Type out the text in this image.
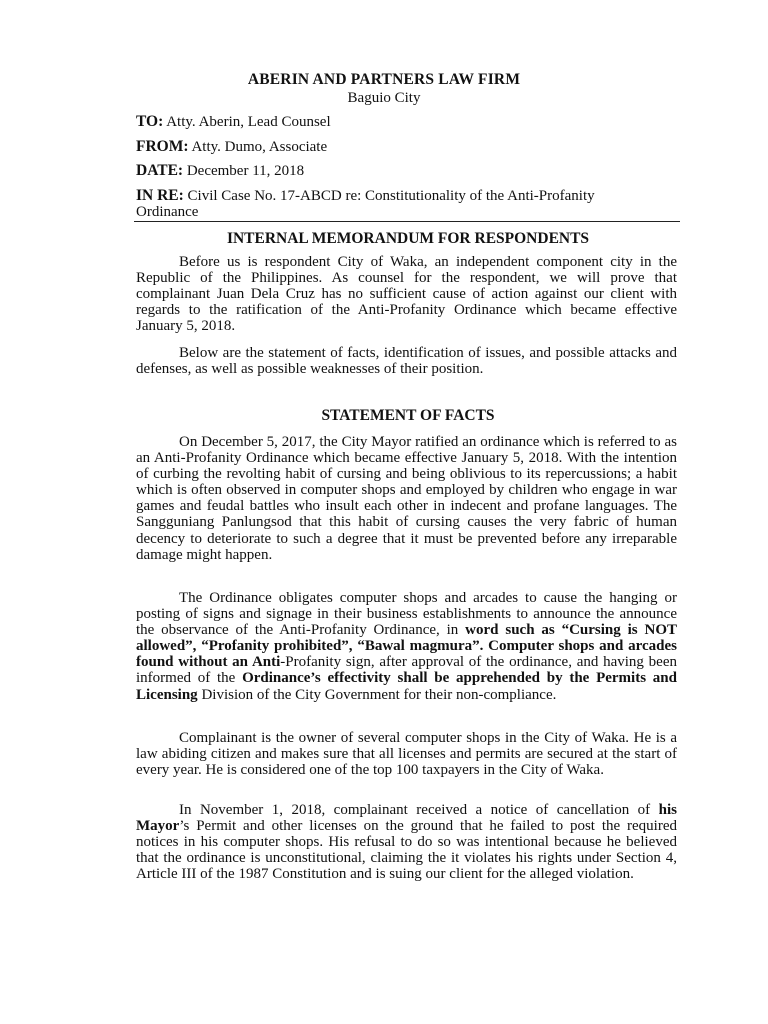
ABERIN AND PARTNERS LAW FIRM
Baguio City
TO: Atty. Aberin, Lead Counsel
FROM: Atty. Dumo, Associate
DATE: December 11, 2018
IN RE: Civil Case No. 17-ABCD re: Constitutionality of the Anti-Profanity
Ordinance
INTERNAL MEMORANDUM FOR RESPONDENTS

Before us is respondent City of Waka, an independent component city in the Republic of the Philippines. As counsel for the respondent, we will prove that complainant Juan Dela Cruz has no sufficient cause of action against our client with regards to the ratification of the Anti-Profanity Ordinance which became effective January 5, 2018.

Below are the statement of facts, identification of issues, and possible attacks and defenses, as well as possible weaknesses of their position.

STATEMENT OF FACTS

On December 5, 2017, the City Mayor ratified an ordinance which is referred to as an Anti-Profanity Ordinance which became effective January 5, 2018. With the intention of curbing the revolting habit of cursing and being oblivious to its repercussions; a habit which is often observed in computer shops and employed by children who engage in war games and feudal battles who insult each other in indecent and profane languages. The Sangguniang Panlungsod that this habit of cursing causes the very fabric of human decency to deteriorate to such a degree that it must be prevented before any irreparable damage might happen.

The Ordinance obligates computer shops and arcades to cause the hanging or posting of signs and signage in their business establishments to announce the announce the observance of the Anti-Profanity Ordinance, in word such as “Cursing is NOT allowed”, “Profanity prohibited”, “Bawal magmura”. Computer shops and arcades found without an Anti-Profanity sign, after approval of the ordinance, and having been informed of the Ordinance’s effectivity shall be apprehended by the Permits and Licensing Division of the City Government for their non-compliance.

Complainant is the owner of several computer shops in the City of Waka. He is a law abiding citizen and makes sure that all licenses and permits are secured at the start of every year. He is considered one of the top 100 taxpayers in the City of Waka.

In November 1, 2018, complainant received a notice of cancellation of his Mayor’s Permit and other licenses on the ground that he failed to post the required notices in his computer shops. His refusal to do so was intentional because he believed that the ordinance is unconstitutional, claiming the it violates his rights under Section 4, Article III of the 1987 Constitution and is suing our client for the alleged violation.
